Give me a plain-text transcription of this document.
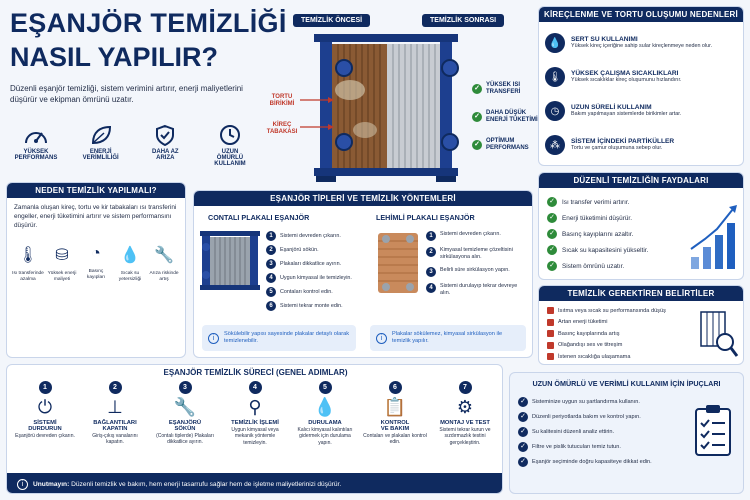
EŞANJÖR TEMİZLİĞİ
NASIL YAPILIR?
Düzenli eşanjör temizliği, sistem verimini artırır, enerji maliyetlerini düşürür ve ekipman ömrünü uzatır.
YÜKSEK
PERFORMANS
ENERJİ
VERİMLİLİĞİ
DAHA AZ
ARIZA
UZUN
ÖMÜRLÜ KULLANIM
TEMİZLİK ÖNCESİ	TEMİZLİK SONRASI
TORTU BİRİKİMİ
KİREÇ TABAKASI
✓
YÜKSEK ISI
TRANSFERİ
✓
DAHA DÜŞÜK
ENERJİ TÜKETİMİ
✓
OPTİMUM
PERFORMANS
KİREÇLENME VE TORTU OLUŞUMU NEDENLERİ
💧	SERT SU KULLANIMI
Yüksek kireç içeriğine sahip sular kireçlenmeye neden olur.
🌡	YÜKSEK ÇALIŞMA SICAKLIKLARI
Yüksek sıcaklıklar kireç oluşumunu hızlandırır.
◷	UZUN SÜRELİ KULLANIM
Bakım yapılmayan sistemlerde birikimler artar.
⁂	SİSTEM İÇİNDEKİ PARTİKÜLLER
Tortu ve çamur oluşumuna sebep olur.
NEDEN TEMİZLİK YAPILMALI?
Zamanla oluşan kireç, tortu ve kir tabakaları ısı transferini engeller, enerji tüketimini artırır ve sistem performansını düşürür.
🌡
Isı transferinde
azalma
⛁
Yüksek enerji
maliyeti
◔
Basınç
kayıpları
💧
Sıcak su
yetersizliği
🔧
Arıza riskinde
artış
EŞANJÖR TİPLERİ VE TEMİZLİK YÖNTEMLERİ
CONTALI PLAKALI EŞANJÖR
1	Sistemi devreden çıkarın.
2	Eşanjörü sökün.
3	Plakaları dikkatlice ayırın.
4	Uygun kimyasal ile temizleyin.
5	Contaları kontrol edin.
6	Sistemi tekrar monte edin.
i
Sökülebilir yapısı sayesinde plakalar detaylı olarak temizlenebilir.
LEHİMLİ PLAKALI EŞANJÖR
1	Sistemi devreden çıkarın.
2	Kimyasal temizleme çözeltisini sirkülasyona alın.
3	Belirli süre sirkülasyon yapın.
4	Sistemi durulayıp tekrar devreye alın.
i
Plakalar sökülemez, kimyasal sirkülasyon ile temizlik yapılır.
DÜZENLİ TEMİZLİĞİN FAYDALARI
✓	Isı transfer verimi artırır.
✓	Enerji tüketimini düşürür.
✓	Basınç kayıplarını azaltır.
✓	Sıcak su kapasitesini yükseltir.
✓	Sistem ömrünü uzatır.
TEMİZLİK GEREKTİREN BELİRTİLER
Isıtma veya sıcak su performansında düşüş
Artan enerji tüketimi
Basınç kayıplarında artış
Olağandışı ses ve titreşim
İstenen sıcaklığa ulaşamama
EŞANJÖR TEMİZLİK SÜRECİ (GENEL ADIMLAR)
1
⏻
SİSTEMİ
DURDURUN
Eşanjörü devreden çıkarın.
2
⊥
BAĞLANTILARI
KAPATIN
Giriş-çıkış vanalarını kapatın.
3
🔧
EŞANJÖRÜ
SÖKÜN
(Contalı tiplerde) Plakaları dikkatlice ayırın.
4
⚲
TEMİZLİK İŞLEMİ
Uygun kimyasal veya mekanik yöntemle temizleyin.
5
💧
DURULAMA
Kalıcı kimyasal kalıntıları gidermek için durulama yapın.
6
📋
KONTROL
VE BAKIM
Contaları ve plakaları kontrol edin.
7
⚙
MONTAJ VE TEST
Sistemi tekrar kurun ve sızdırmazlık testini gerçekleştirin.
i	Unutmayın: Düzenli temizlik ve bakım, hem enerji tasarrufu sağlar hem de işletme maliyetlerinizi düşürür.
UZUN ÖMÜRLÜ VE VERİMLİ KULLANIM İÇİN İPUÇLARI
✓	Sisteminize uygun su şartlandırma kullanın.
✓	Düzenli periyotlarda bakım ve kontrol yapın.
✓	Su kalitesini düzenli analiz ettirin.
✓	Filtre ve pislik tutucuları temiz tutun.
✓	Eşanjör seçiminde doğru kapasiteye dikkat edin.
